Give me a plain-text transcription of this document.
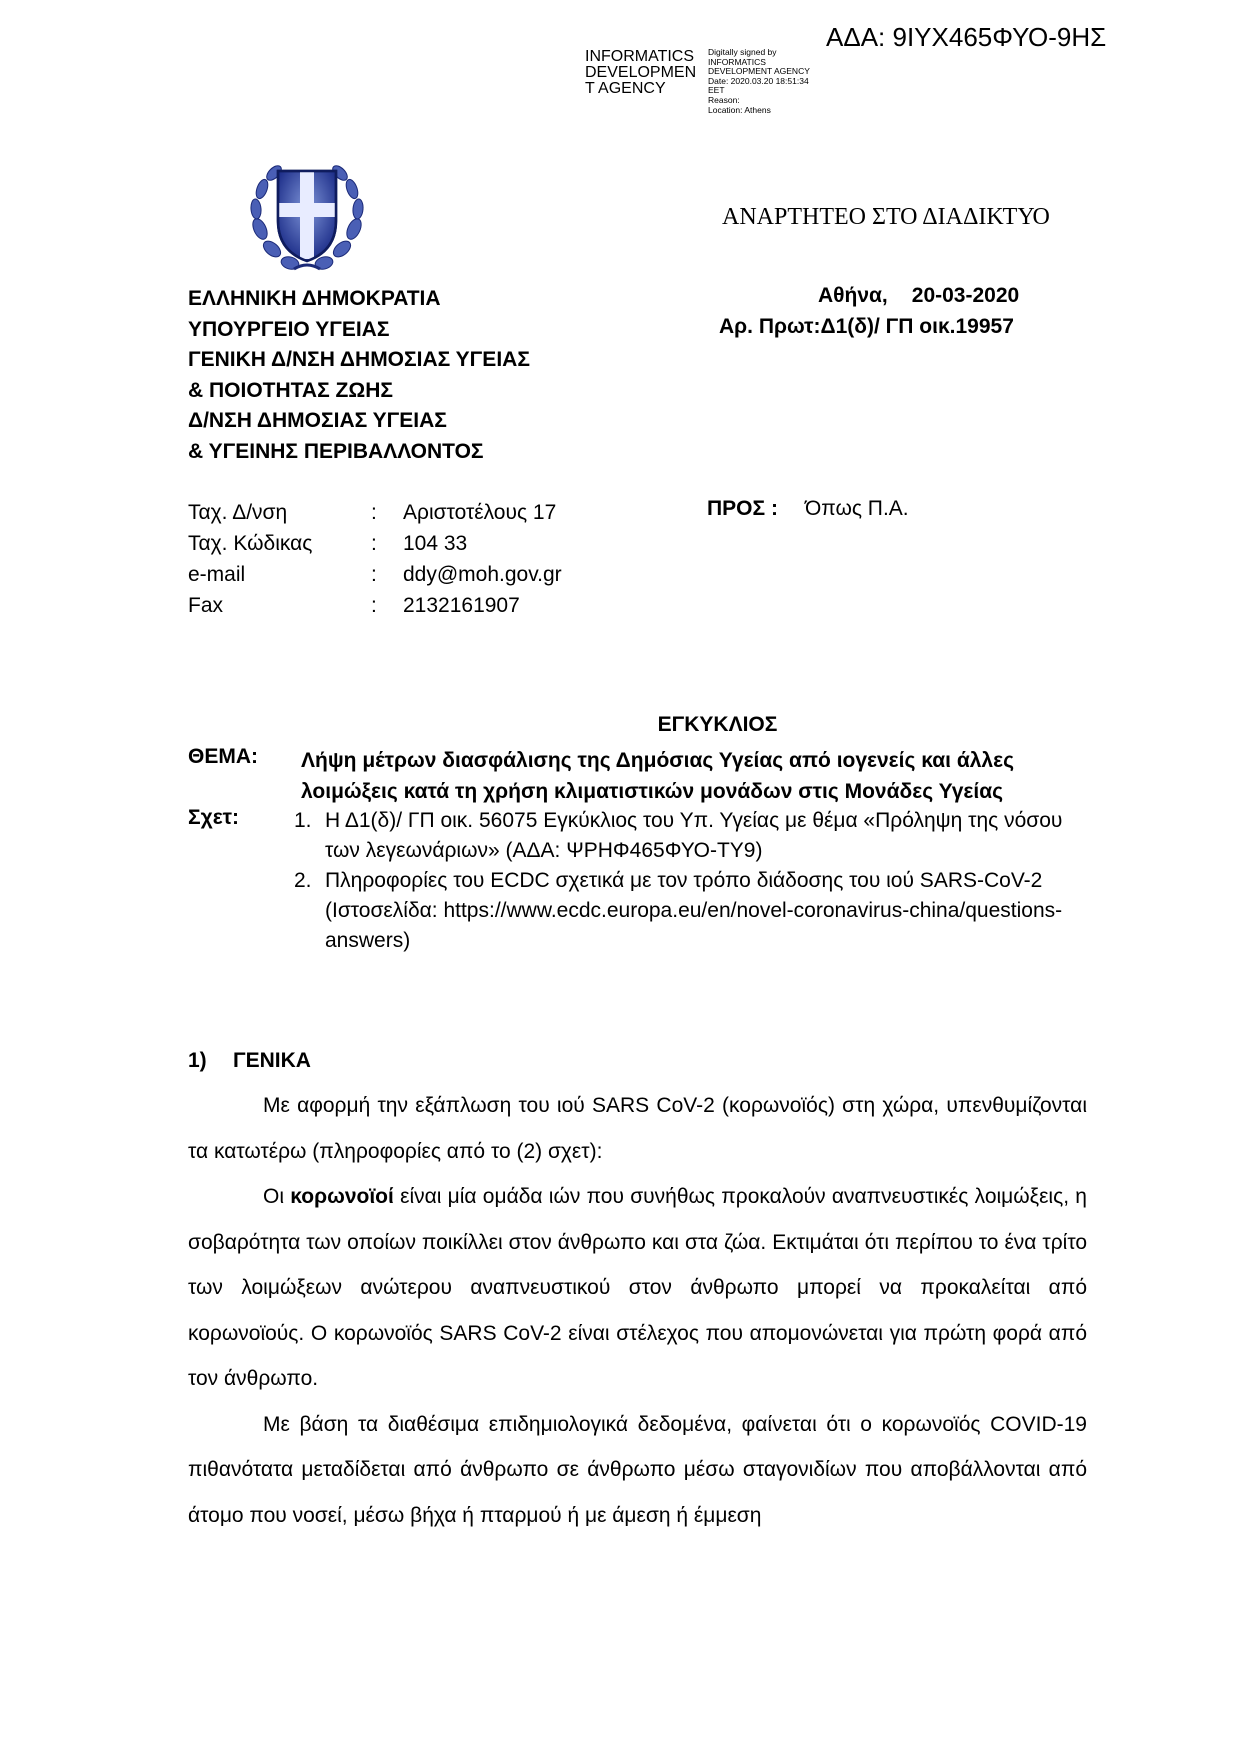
ΑΔΑ: 9ΙΥΧ465ΦΥΟ-9ΗΣ
INFORMATICS
DEVELOPMEN
T AGENCY
Digitally signed by
INFORMATICS
DEVELOPMENT AGENCY
Date: 2020.03.20 18:51:34
EET
Reason:
Location: Athens
ΑΝΑΡΤΗΤΕΟ ΣΤΟ ΔΙΑΔΙΚΤΥΟ
ΕΛΛΗΝΙΚΗ ΔΗΜΟΚΡΑΤΙΑ
ΥΠΟΥΡΓΕΙΟ ΥΓΕΙΑΣ
ΓΕΝΙΚΗ Δ/ΝΣΗ ΔΗΜΟΣΙΑΣ ΥΓΕΙΑΣ
& ΠΟΙΟΤΗΤΑΣ ΖΩΗΣ
Δ/ΝΣΗ ΔΗΜΟΣΙΑΣ ΥΓΕΙΑΣ
& ΥΓΕΙΝΗΣ ΠΕΡΙΒΑΛΛΟΝΤΟΣ
Αθήνα, 20-03-2020
Αρ. Πρωτ:Δ1(δ)/ ΓΠ οικ.19957
Ταχ. Δ/νση	:	Αριστοτέλους 17
Ταχ. Κώδικας	:	104 33
e-mail	:	ddy@moh.gov.gr
Fax	:	2132161907
ΠΡΟΣ : Όπως Π.Α.
ΕΓΚΥΚΛΙΟΣ
ΘΕΜΑ: Λήψη μέτρων διασφάλισης της Δημόσιας Υγείας από ιογενείς και άλλες λοιμώξεις κατά τη χρήση κλιματιστικών μονάδων στις Μονάδες Υγείας
Σχετ:	1. Η Δ1(δ)/ ΓΠ οικ. 56075 Εγκύκλιος του Υπ. Υγείας με θέμα «Πρόληψη της νόσου των λεγεωνάριων» (ΑΔΑ: ΨΡΗΦ465ΦΥΟ-ΤΥ9)
2. Πληροφορίες του ECDC σχετικά με τον τρόπο διάδοσης του ιού SARS-CoV-2 (Ιστοσελίδα: https://www.ecdc.europa.eu/en/novel-coronavirus-china/questions-answers)
1) ΓΕΝΙΚΑ

Με αφορμή την εξάπλωση του ιού SARS CoV-2 (κορωνοϊός) στη χώρα, υπενθυμίζονται τα κατωτέρω (πληροφορίες από το (2) σχετ):

Οι κορωνοϊοί είναι μία ομάδα ιών που συνήθως προκαλούν αναπνευστικές λοιμώξεις, η σοβαρότητα των οποίων ποικίλλει στον άνθρωπο και στα ζώα. Εκτιμάται ότι περίπου το ένα τρίτο των λοιμώξεων ανώτερου αναπνευστικού στον άνθρωπο μπορεί να προκαλείται από κορωνοϊούς. Ο κορωνοϊός SARS CoV-2 είναι στέλεχος που απομονώνεται για πρώτη φορά από τον άνθρωπο.

Με βάση τα διαθέσιμα επιδημιολογικά δεδομένα, φαίνεται ότι ο κορωνοϊός COVID-19 πιθανότατα μεταδίδεται από άνθρωπο σε άνθρωπο μέσω σταγονιδίων που αποβάλλονται από άτομο που νοσεί, μέσω βήχα ή πταρμού ή με άμεση ή έμμεση
